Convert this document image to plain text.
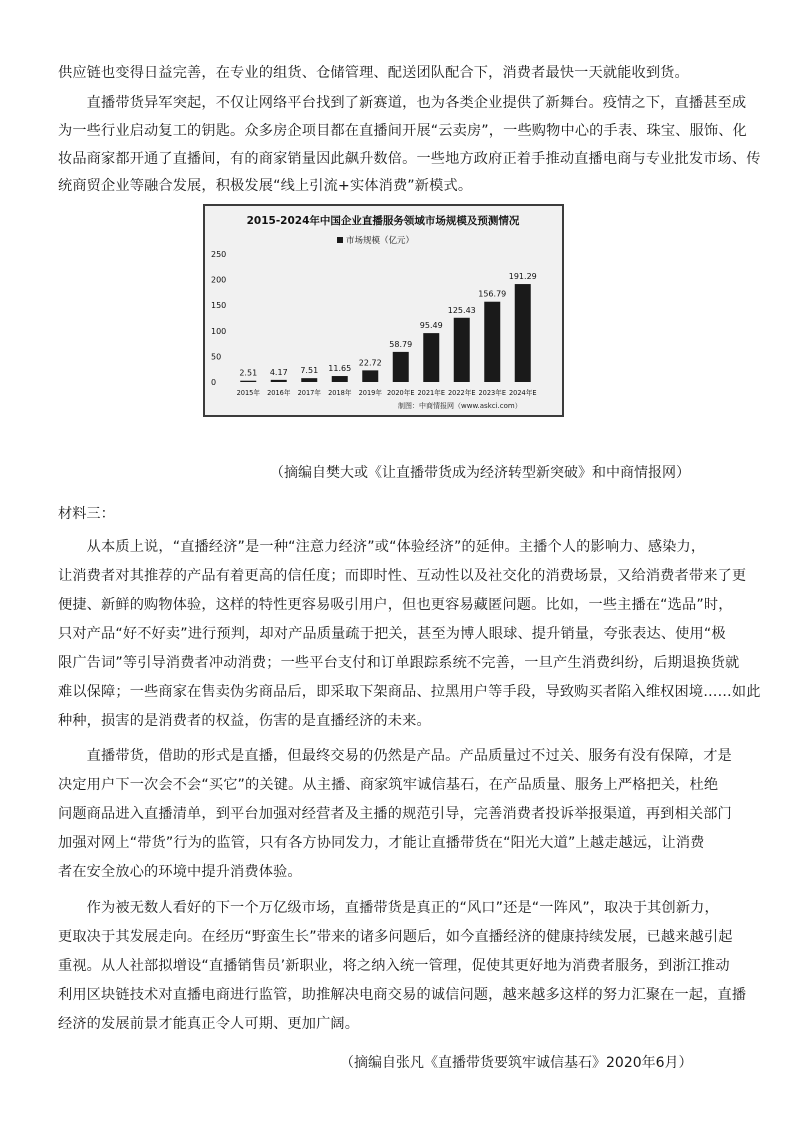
供应链也变得日益完善，在专业的组货、仓储管理、配送团队配合下，消费者最快一天就能收到货。
　　直播带货异军突起，不仅让网络平台找到了新赛道，也为各类企业提供了新舞台。疫情之下，直播甚至成
为一些行业启动复工的钥匙。众多房企项目都在直播间开展“云卖房”，一些购物中心的手表、珠宝、服饰、化
妆品商家都开通了直播间，有的商家销量因此飙升数倍。一些地方政府正着手推动直播电商与专业批发市场、传
统商贸企业等融合发展，积极发展“线上引流+实体消费”新模式。
2015-2024年中国企业直播服务领域市场规模及预测情况
市场规模（亿元）
250
200
150
100
50
0
2.51
2015年
4.17
2016年
7.51
2017年
11.65
2018年
22.72
2019年
58.79
2020年E
95.49
2021年E
125.43
2022年E
156.79
2023年E
191.29
2024年E
制图：中商情报网（www.askci.com）
（摘编自樊大或《让直播带货成为经济转型新突破》和中商情报网）
材料三：
　　从本质上说，“直播经济”是一种“注意力经济”或“体验经济”的延伸。主播个人的影响力、感染力，
让消费者对其推荐的产品有着更高的信任度；而即时性、互动性以及社交化的消费场景，又给消费者带来了更
便捷、新鲜的购物体验，这样的特性更容易吸引用户，但也更容易藏匿问题。比如，一些主播在“选品”时，
只对产品“好不好卖”进行预判，却对产品质量疏于把关，甚至为博人眼球、提升销量，夸张表达、使用“极
限广告词”等引导消费者冲动消费；一些平台支付和订单跟踪系统不完善，一旦产生消费纠纷，后期退换货就
难以保障；一些商家在售卖伪劣商品后，即采取下架商品、拉黑用户等手段，导致购买者陷入维权困境……如此
种种，损害的是消费者的权益，伤害的是直播经济的未来。
　　直播带货，借助的形式是直播，但最终交易的仍然是产品。产品质量过不过关、服务有没有保障，才是
决定用户下一次会不会“买它”的关键。从主播、商家筑牢诚信基石，在产品质量、服务上严格把关，杜绝
问题商品进入直播清单，到平台加强对经营者及主播的规范引导，完善消费者投诉举报渠道，再到相关部门
加强对网上“带货”行为的监管，只有各方协同发力，才能让直播带货在“阳光大道”上越走越远，让消费
者在安全放心的环境中提升消费体验。
　　作为被无数人看好的下一个万亿级市场，直播带货是真正的“风口”还是“一阵风”，取决于其创新力，
更取决于其发展走向。在经历“野蛮生长”带来的诸多问题后，如今直播经济的健康持续发展，已越来越引起
重视。从人社部拟增设“直播销售员’新职业，将之纳入统一管理，促使其更好地为消费者服务，到浙江推动
利用区块链技术对直播电商进行监管，助推解决电商交易的诚信问题，越来越多这样的努力汇聚在一起，直播
经济的发展前景才能真正令人可期、更加广阔。
（摘编自张凡《直播带货要筑牢诚信基石》2020年6月）
